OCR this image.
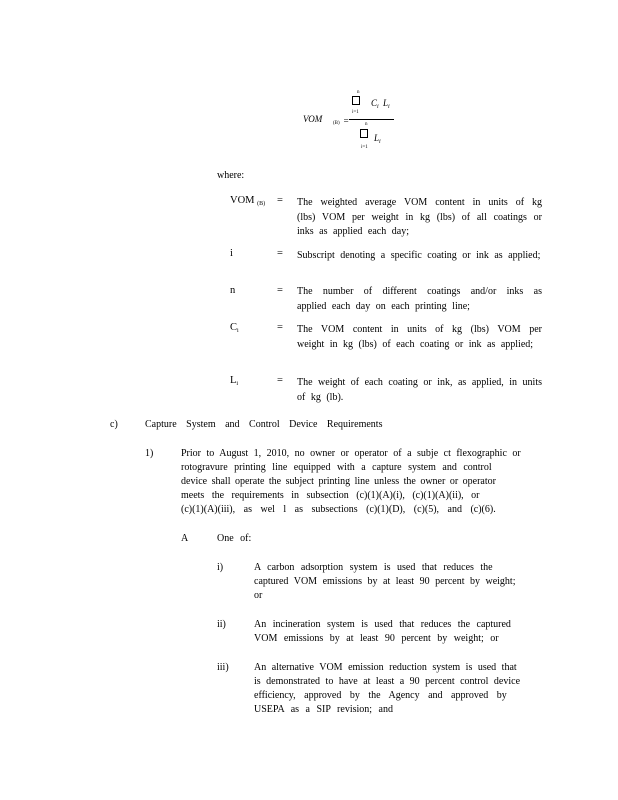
VOM (B) =
n
i=1
$C_i$ $L_i$
n
i=1
$L_i$
where:
VOM $_{(B)}$ = The weighted average VOM content in units of kg (lbs) VOM per weight in kg (lbs) of all coatings or inks as applied each day;
i	= Subscript denoting a specific coating or ink as applied;
n	= The number of different coatings and/or inks as applied each day on each printing line;
$C_i$	= The VOM content in units of kg (lbs) VOM per weight in kg (lbs) of each coating or ink as applied;
$L_i$	= The weight of each coating or ink, as applied, in units of kg (lb).
c)	Capture System and Control Device Requirements
1)	Prior to August 1, 2010, no owner or operator of a subje ct flexographic or
rotogravure printing line equipped with a capture system and control
device shall operate the subject printing line unless the owner or operator
meets the requirements in subsection (c)(1)(A)(i), (c)(1)(A)(ii), or
(c)(1)(A)(iii), as wel l as subsections (c)(1)(D), (c)(5), and (c)(6).
A	One of:
i)	A carbon adsorption system is used that reduces the
captured VOM emissions by at least 90 percent by weight;
or
ii)	An incineration system is used that reduces the captured
VOM emissions by at least 90 percent by weight; or
iii)	An alternative VOM emission reduction system is used that
is demonstrated to have at least a 90 percent control device
efficiency, approved by the Agency and approved by
USEPA as a SIP revision; and
